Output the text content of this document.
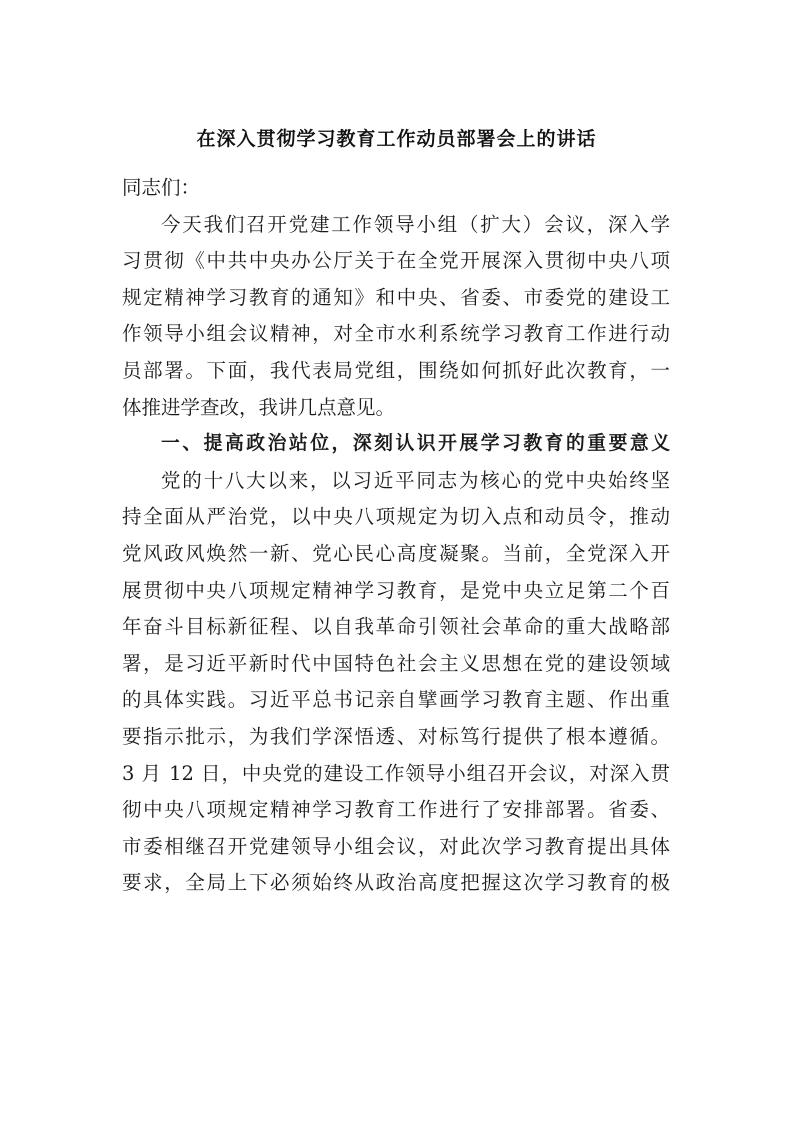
在深入贯彻学习教育工作动员部署会上的讲话
同志们：
今天我们召开党建工作领导小组（扩大）会议，深入学
习贯彻《中共中央办公厅关于在全党开展深入贯彻中央八项
规定精神学习教育的通知》和中央、省委、市委党的建设工
作领导小组会议精神，对全市水利系统学习教育工作进行动
员部署。下面，我代表局党组，围绕如何抓好此次教育，一
体推进学查改，我讲几点意见。
一、提高政治站位，深刻认识开展学习教育的重要意义
党的十八大以来，以习近平同志为核心的党中央始终坚
持全面从严治党，以中央八项规定为切入点和动员令，推动
党风政风焕然一新、党心民心高度凝聚。当前，全党深入开
展贯彻中央八项规定精神学习教育，是党中央立足第二个百
年奋斗目标新征程、以自我革命引领社会革命的重大战略部
署，是习近平新时代中国特色社会主义思想在党的建设领域
的具体实践。习近平总书记亲自擘画学习教育主题、作出重
要指示批示，为我们学深悟透、对标笃行提供了根本遵循。
3 月 12 日，中央党的建设工作领导小组召开会议，对深入贯
彻中央八项规定精神学习教育工作进行了安排部署。省委、
市委相继召开党建领导小组会议，对此次学习教育提出具体
要求，全局上下必须始终从政治高度把握这次学习教育的极
